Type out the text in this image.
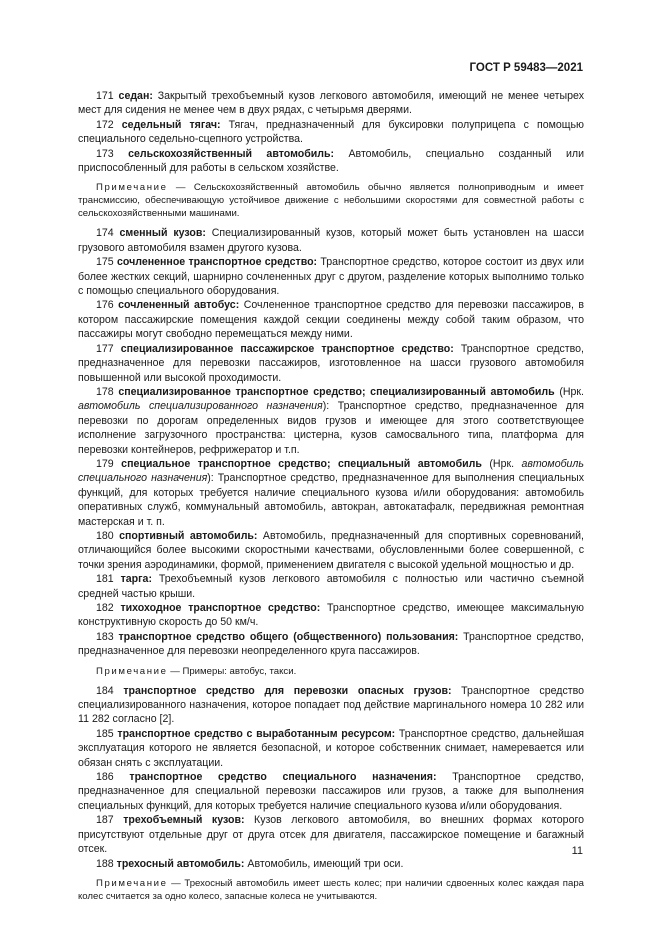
ГОСТ Р 59483—2021

171 седан: Закрытый трехобъемный кузов легкового автомобиля, имеющий не менее четырех мест для сидения не менее чем в двух рядах, с четырьмя дверями.

172 седельный тягач: Тягач, предназначенный для буксировки полуприцепа с помощью специального седельно-сцепного устройства.

173 сельскохозяйственный автомобиль: Автомобиль, специально созданный или приспособленный для работы в сельском хозяйстве.

Примечание — Сельскохозяйственный автомобиль обычно является полноприводным и имеет трансмиссию, обеспечивающую устойчивое движение с небольшими скоростями для совместной работы с сельскохозяйственными машинами.

174 сменный кузов: Специализированный кузов, который может быть установлен на шасси грузового автомобиля взамен другого кузова.

175 сочлененное транспортное средство: Транспортное средство, которое состоит из двух или более жестких секций, шарнирно сочлененных друг с другом, разделение которых выполнимо только с помощью специального оборудования.

176 сочлененный автобус: Сочлененное транспортное средство для перевозки пассажиров, в котором пассажирские помещения каждой секции соединены между собой таким образом, что пассажиры могут свободно перемещаться между ними.

177 специализированное пассажирское транспортное средство: Транспортное средство, предназначенное для перевозки пассажиров, изготовленное на шасси грузового автомобиля повышенной или высокой проходимости.

178 специализированное транспортное средство; специализированный автомобиль (Нрк. автомобиль специализированного назначения): Транспортное средство, предназначенное для перевозки по дорогам определенных видов грузов и имеющее для этого соответствующее исполнение загрузочного пространства: цистерна, кузов самосвального типа, платформа для перевозки контейнеров, рефрижератор и т.п.

179 специальное транспортное средство; специальный автомобиль (Нрк. автомобиль специального назначения): Транспортное средство, предназначенное для выполнения специальных функций, для которых требуется наличие специального кузова и/или оборудования: автомобиль оперативных служб, коммунальный автомобиль, автокран, автокатафалк, передвижная ремонтная мастерская и т. п.

180 спортивный автомобиль: Автомобиль, предназначенный для спортивных соревнований, отличающийся более высокими скоростными качествами, обусловленными более совершенной, с точки зрения аэродинамики, формой, применением двигателя с высокой удельной мощностью и др.

181 тарга: Трехобъемный кузов легкового автомобиля с полностью или частично съемной средней частью крыши.

182 тихоходное транспортное средство: Транспортное средство, имеющее максимальную конструктивную скорость до 50 км/ч.

183 транспортное средство общего (общественного) пользования: Транспортное средство, предназначенное для перевозки неопределенного круга пассажиров.

Примечание — Примеры: автобус, такси.

184 транспортное средство для перевозки опасных грузов: Транспортное средство специализированного назначения, которое попадает под действие маргинального номера 10 282 или 11 282 согласно [2].

185 транспортное средство с выработанным ресурсом: Транспортное средство, дальнейшая эксплуатация которого не является безопасной, и которое собственник снимает, намеревается или обязан снять с эксплуатации.

186 транспортное средство специального назначения: Транспортное средство, предназначенное для специальной перевозки пассажиров или грузов, а также для выполнения специальных функций, для которых требуется наличие специального кузова и/или оборудования.

187 трехобъемный кузов: Кузов легкового автомобиля, во внешних формах которого присутствуют отдельные друг от друга отсек для двигателя, пассажирское помещение и багажный отсек.

188 трехосный автомобиль: Автомобиль, имеющий три оси.

Примечание — Трехосный автомобиль имеет шесть колес; при наличии сдвоенных колес каждая пара колес считается за одно колесо, запасные колеса не учитываются.

11
